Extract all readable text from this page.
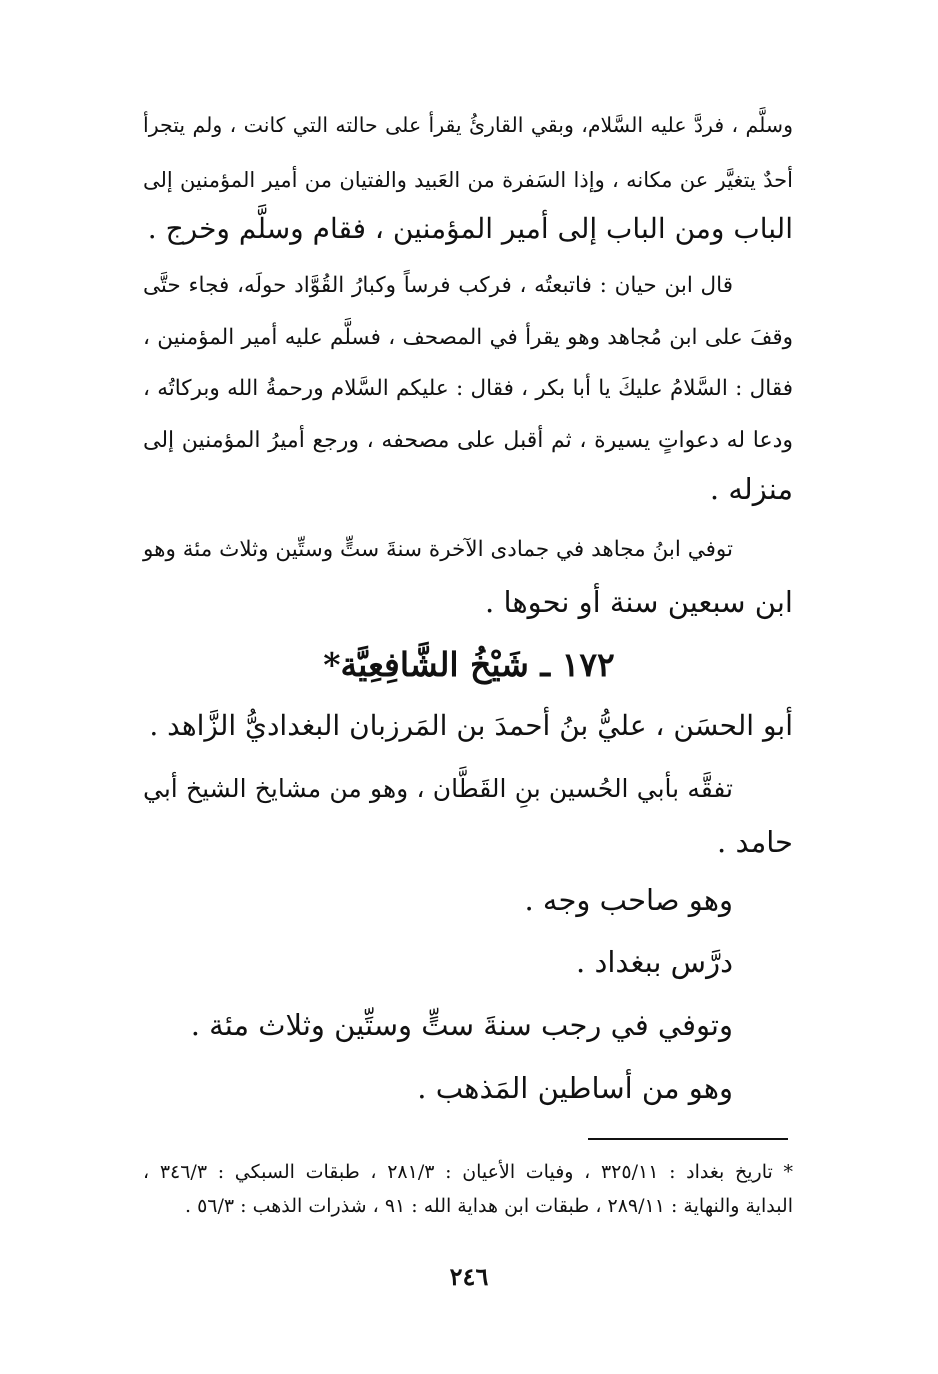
وسلَّم ، فردَّ عليه السَّلام، وبقي القارئُ يقرأ على حالته التي كانت ، ولم يتجرأ
أحدٌ يتغيَّر عن مكانه ، وإذا السَفرة من العَبيد والفتيان من أمير المؤمنين إلى
الباب ومن الباب إلى أمير المؤمنين ، فقام وسلَّم وخرج .
قال ابن حيان : فاتبعتُه ، فركب فرساً وكبارُ القُوَّاد حولَه، فجاء حتَّى
وقفَ على ابن مُجاهد وهو يقرأ في المصحف ، فسلَّم عليه أمير المؤمنين ،
فقال : السَّلامُ عليكَ يا أبا بكر ، فقال : عليكم السَّلام ورحمةُ الله وبركاتُه ،
ودعا له دعواتٍ يسيرة ، ثم أقبل على مصحفه ، ورجع أميرُ المؤمنين إلى
منزله .
توفي ابنُ مجاهد في جمادى الآخرة سنةَ ستٍّ وستِّين وثلاث مئة وهو
ابن سبعين سنة أو نحوها .
١٧٢ ـ شَيْخُ الشَّافِعِيَّة*
أبو الحسَن ، عليُّ بنُ أحمدَ بن المَرزبان البغداديُّ الزَّاهد .
تفقَّه بأبي الحُسين بنِ القَطَّان ، وهو من مشايخ الشيخ أبي
حامد .
وهو صاحب وجه .
درَّس ببغداد .
وتوفي في رجب سنةَ ستٍّ وستِّين وثلاث مئة .
وهو من أساطين المَذهب .
* تاريخ بغداد : ٣٢٥/١١ ، وفيات الأعيان : ٢٨١/٣ ، طبقات السبكي : ٣٤٦/٣ ،
البداية والنهاية : ٢٨٩/١١ ، طبقات ابن هداية الله : ٩١ ، شذرات الذهب : ٥٦/٣ .
٢٤٦
